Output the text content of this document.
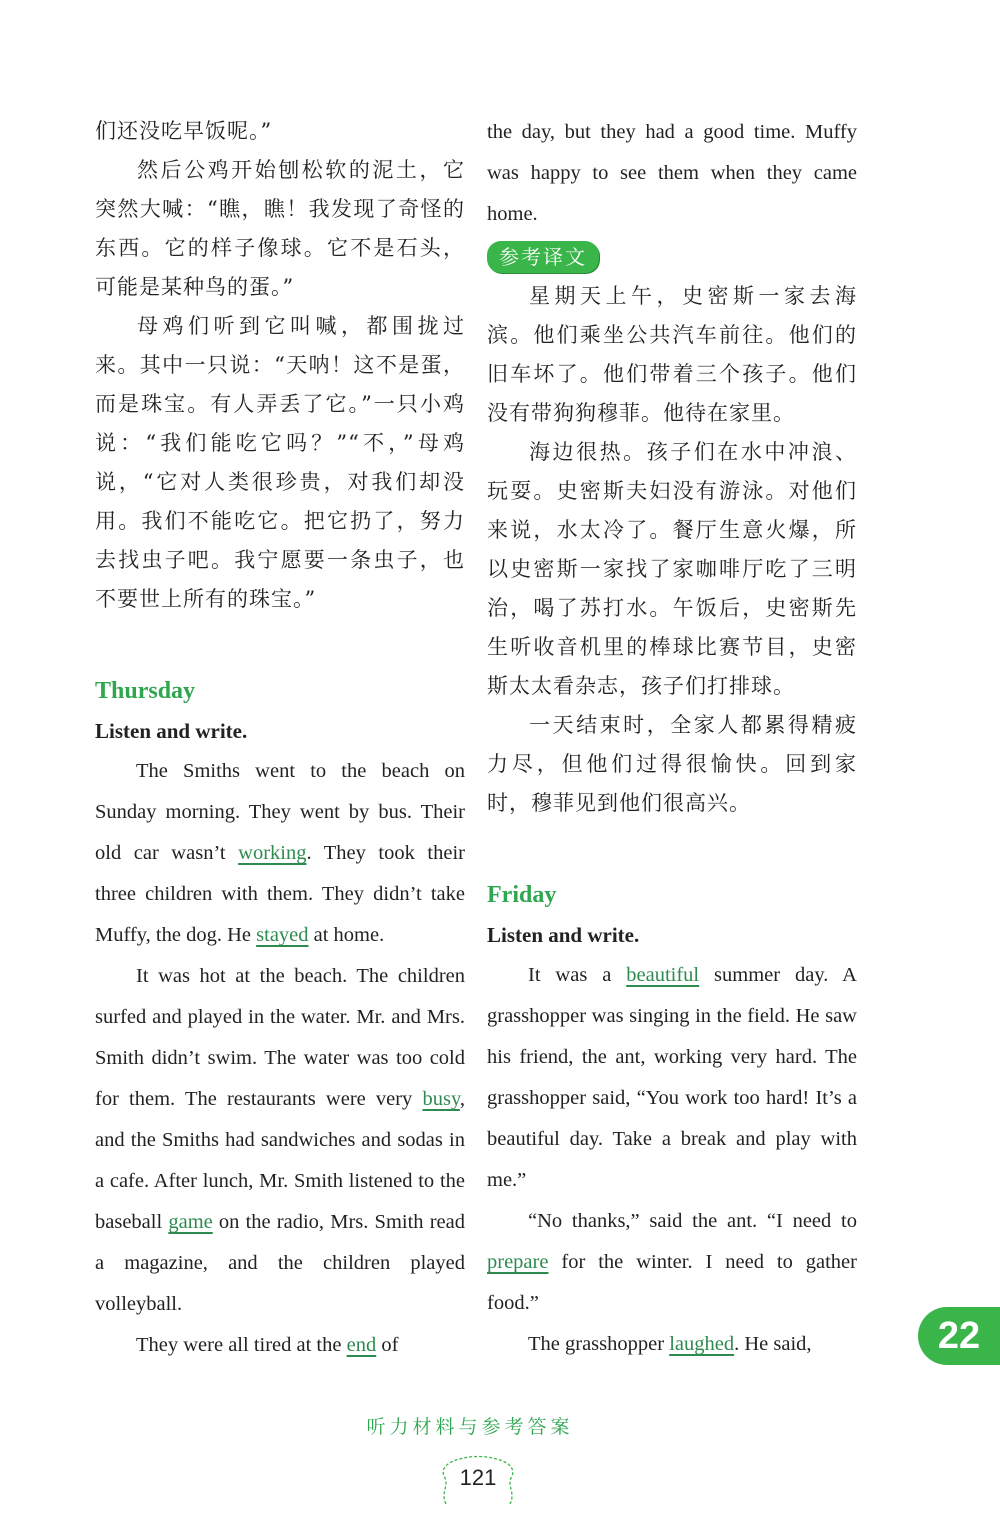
们还没吃早饭呢。”

然后公鸡开始刨松软的泥土，它突然大喊：“瞧，瞧！我发现了奇怪的东西。它的样子像球。它不是石头，可能是某种鸟的蛋。”

母鸡们听到它叫喊，都围拢过来。其中一只说：“天呐！这不是蛋，而是珠宝。有人弄丢了它。”一只小鸡说：“我们能吃它吗？”“不，”母鸡说，“它对人类很珍贵，对我们却没用。我们不能吃它。把它扔了，努力去找虫子吧。我宁愿要一条虫子，也不要世上所有的珠宝。”

Thursday

Listen and write.

The Smiths went to the beach on Sunday morning. They went by bus. Their old car wasn’t working. They took their three children with them. They didn’t take Muffy, the dog. He stayed at home.

It was hot at the beach. The children surfed and played in the water. Mr. and Mrs. Smith didn’t swim. The water was too cold for them. The restaurants were very busy, and the Smiths had sandwiches and sodas in a cafe. After lunch, Mr. Smith listened to the baseball game on the radio, Mrs. Smith read a magazine, and the children played volleyball.

They were all tired at the end of

the day, but they had a good time. Muffy was happy to see them when they came home.

参考译文

星期天上午，史密斯一家去海滨。他们乘坐公共汽车前往。他们的旧车坏了。他们带着三个孩子。他们没有带狗狗穆菲。他待在家里。

海边很热。孩子们在水中冲浪、玩耍。史密斯夫妇没有游泳。对他们来说，水太冷了。餐厅生意火爆，所以史密斯一家找了家咖啡厅吃了三明治，喝了苏打水。午饭后，史密斯先生听收音机里的棒球比赛节目，史密斯太太看杂志，孩子们打排球。

一天结束时，全家人都累得精疲力尽，但他们过得很愉快。回到家时，穆菲见到他们很高兴。

Friday

Listen and write.

It was a beautiful summer day. A grasshopper was singing in the field. He saw his friend, the ant, working very hard. The grasshopper said, “You work too hard! It’s a beautiful day. Take a break and play with me.”

“No thanks,” said the ant. “I need to prepare for the winter. I need to gather food.”

The grasshopper laughed. He said,	22
听力材料与参考答案
121
